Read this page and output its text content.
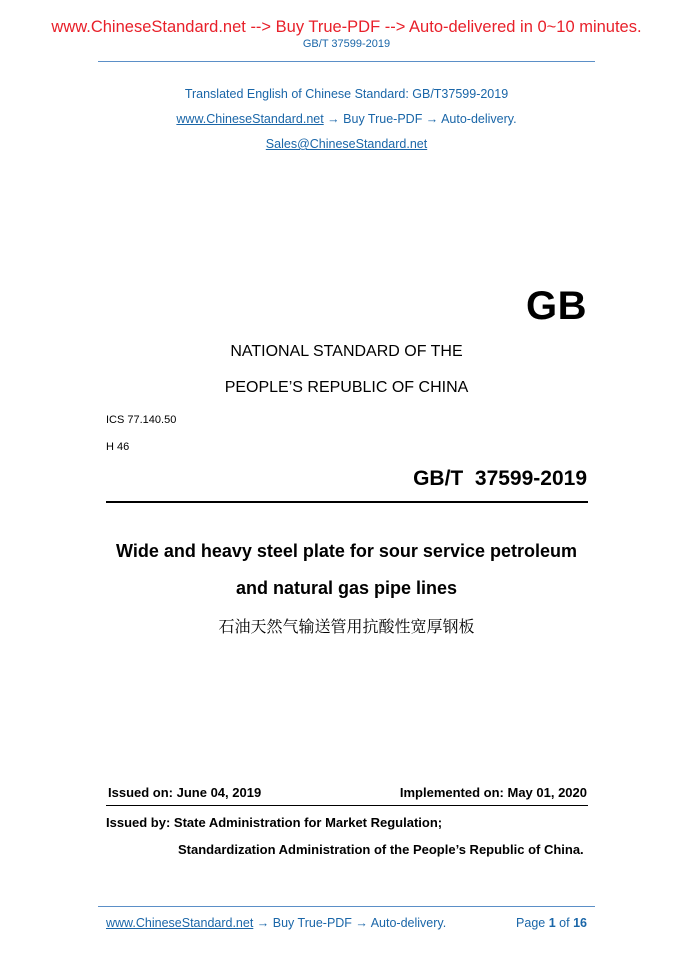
www.ChineseStandard.net --> Buy True-PDF --> Auto-delivered in 0~10 minutes.
GB/T 37599-2019
Translated English of Chinese Standard: GB/T37599-2019
www.ChineseStandard.net → Buy True-PDF → Auto-delivery.
Sales@ChineseStandard.net
GB
NATIONAL STANDARD OF THE
PEOPLE’S REPUBLIC OF CHINA
ICS 77.140.50
H 46
GB/T  37599-2019
Wide and heavy steel plate for sour service petroleum
and natural gas pipe lines
石油天然气输送管用抗酸性宽厚钢板
Issued on: June 04, 2019	Implemented on: May 01, 2020
Issued by: State Administration for Market Regulation;
Standardization Administration of the People’s Republic of China.
www.ChineseStandard.net → Buy True-PDF → Auto-delivery.	Page 1 of 16
